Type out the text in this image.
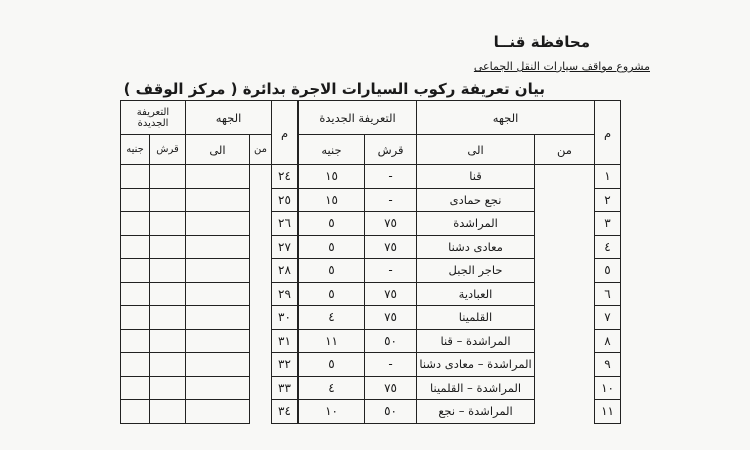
محافظة قنــا
مشروع مواقف سيارات النقل الجماعى
بيان تعريفة ركوب السيارات الاجرة بدائرة ( مركز الوقف )
م	الجهه		التعريفة الجديدة	
	من	الى	قرش	جنيه
١		قنا	-	١٥
٢		نجع حمادى	-	١٥
٣		المراشدة	٧٥	٥
٤		معادى دشنا	٧٥	٥
٥		حاجر الجبل	-	٥
٦		العبادية	٧٥	٥
٧		القلمينا	٧٥	٤
٨		المراشدة – قنا	٥٠	١١
٩		المراشدة – معادى دشنا	-	٥
١٠		المراشدة – القلمينا	٧٥	٤
١١		المراشدة – نجع	٥٠	١٠
م	الجهه		التعريفة الجديدة	
	من	الى	قرش	جنيه
٢٤				
٢٥				
٢٦				
٢٧				
٢٨				
٢٩				
٣٠				
٣١				
٣٢				
٣٣				
٣٤				
